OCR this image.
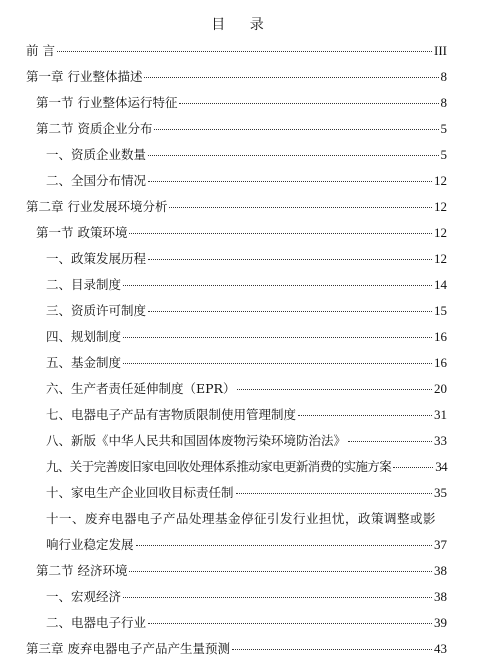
目 录
前 言	III
第一章 行业整体描述	8
第一节 行业整体运行特征	8
第二节 资质企业分布	5
一、资质企业数量	5
二、全国分布情况	12
第二章 行业发展环境分析	12
第一节 政策环境	12
一、政策发展历程	12
二、目录制度	14
三、资质许可制度	15
四、规划制度	16
五、基金制度	16
六、生产者责任延伸制度（EPR）	20
七、电器电子产品有害物质限制使用管理制度	31
八、新版《中华人民共和国固体废物污染环境防治法》	33
九、关于完善废旧家电回收处理体系推动家电更新消费的实施方案	34
十、家电生产企业回收目标责任制	35
十一、废弃电器电子产品处理基金停征引发行业担忧，政策调整或影
响行业稳定发展	37
第二节 经济环境	38
一、宏观经济	38
二、电器电子行业	39
第三章 废弃电器电子产品产生量预测	43
